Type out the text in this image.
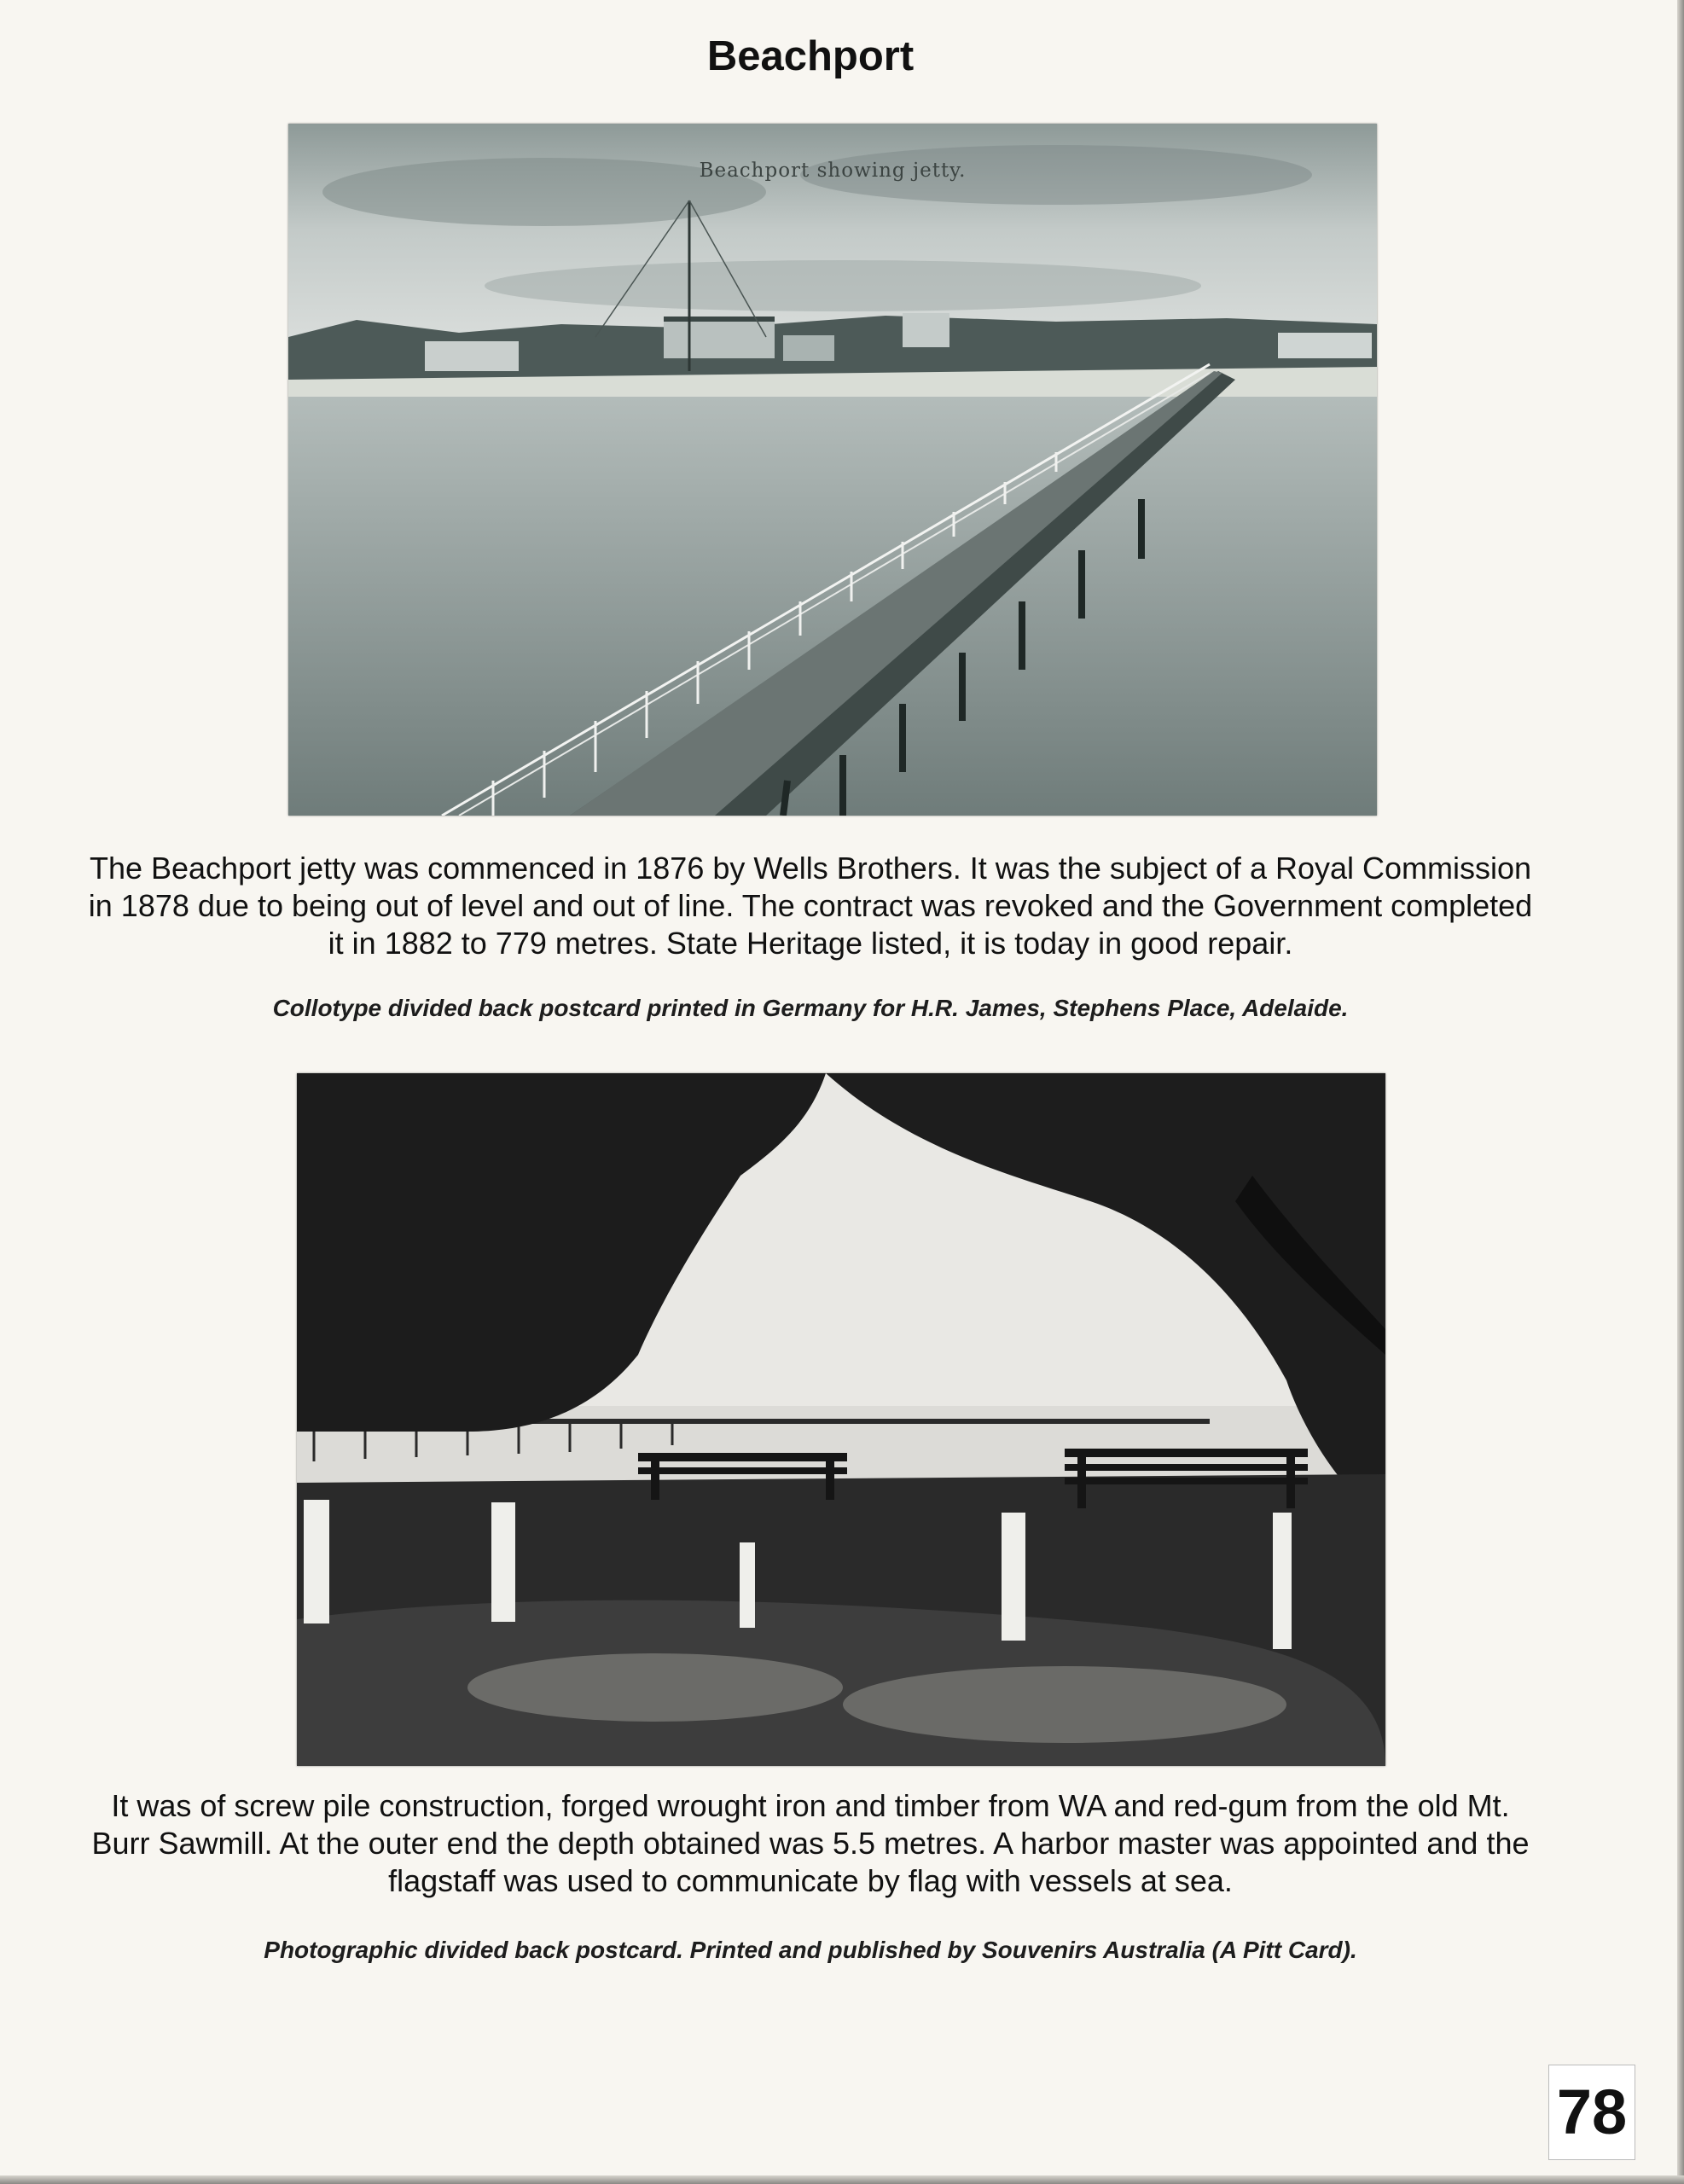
Beachport
Beachport showing jetty.
The Beachport jetty was commenced in 1876 by Wells Brothers. It was the subject of a Royal Commission in 1878 due to being out of level and out of line. The contract was revoked and the Government completed it in 1882 to 779 metres. State Heritage listed, it is today in good repair.
Collotype divided back postcard printed in Germany for H.R. James, Stephens Place, Adelaide.
It was of screw pile construction, forged wrought iron and timber from WA and red-gum from the old Mt. Burr Sawmill. At the outer end the depth obtained was 5.5 metres. A harbor master was appointed and the flagstaff was used to communicate by flag with vessels at sea.
Photographic divided back postcard. Printed and published by Souvenirs Australia (A Pitt Card).
78
